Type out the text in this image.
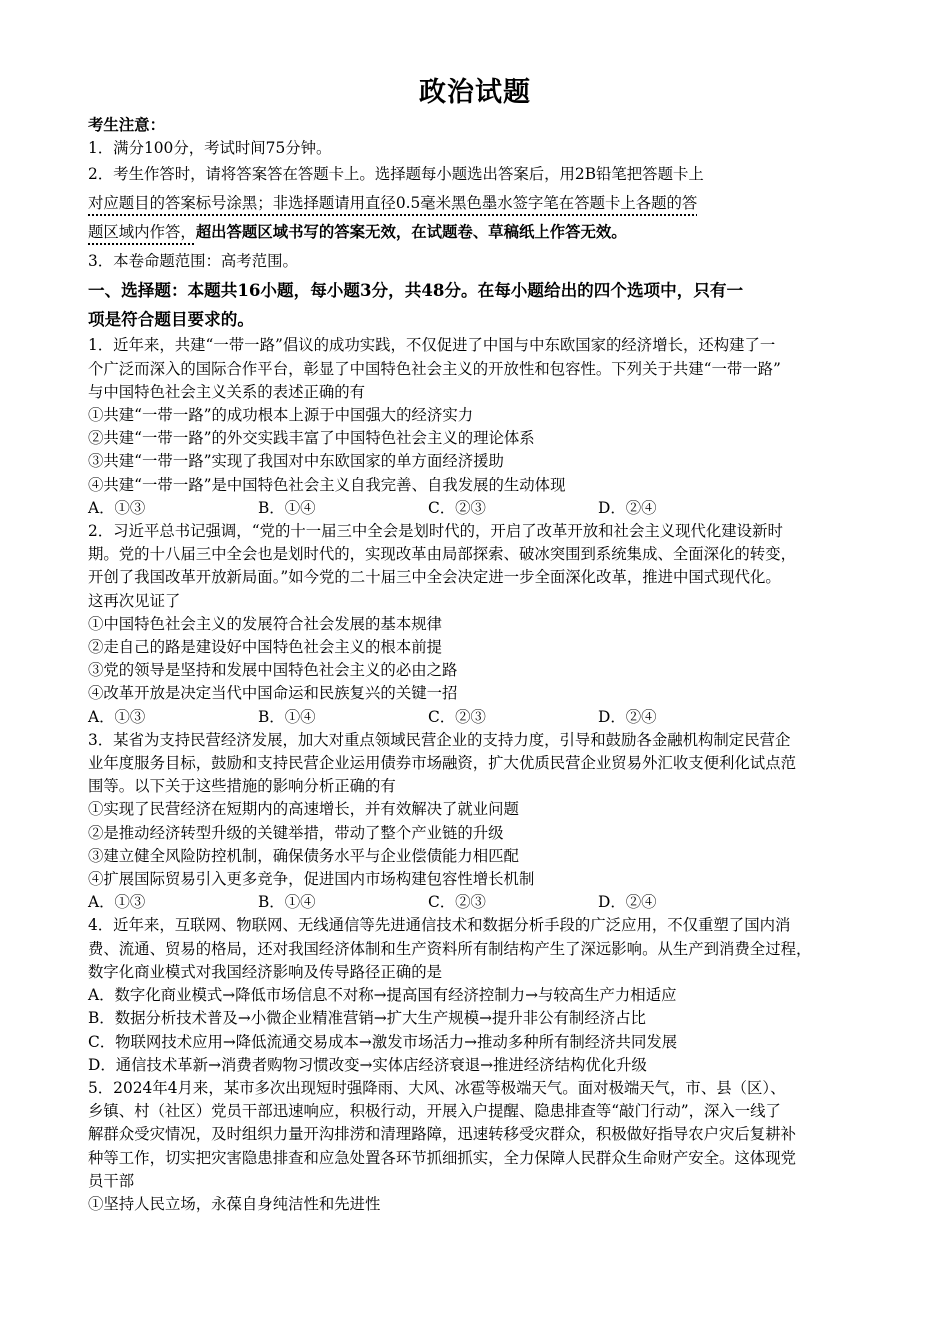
政治试题
考生注意：
1．满分100分，考试时间75分钟。
2．考生作答时，请将答案答在答题卡上。选择题每小题选出答案后，用2B铅笔把答题卡上
对应题目的答案标号涂黑；非选择题请用直径0.5毫米黑色墨水签字笔在答题卡上各题的答
题区域内作答，超出答题区域书写的答案无效，在试题卷、草稿纸上作答无效。
3．本卷命题范围：高考范围。
一、选择题：本题共16小题，每小题3分，共48分。在每小题给出的四个选项中，只有一
项是符合题目要求的。
1．近年来，共建“一带一路”倡议的成功实践，不仅促进了中国与中东欧国家的经济增长，还构建了一
个广泛而深入的国际合作平台，彰显了中国特色社会主义的开放性和包容性。下列关于共建“一带一路”
与中国特色社会主义关系的表述正确的有
①共建“一带一路”的成功根本上源于中国强大的经济实力
②共建“一带一路”的外交实践丰富了中国特色社会主义的理论体系
③共建“一带一路”实现了我国对中东欧国家的单方面经济援助
④共建“一带一路”是中国特色社会主义自我完善、自我发展的生动体现
A．①③	B．①④	C．②③	D．②④
2．习近平总书记强调，“党的十一届三中全会是划时代的，开启了改革开放和社会主义现代化建设新时
期。党的十八届三中全会也是划时代的，实现改革由局部探索、破冰突围到系统集成、全面深化的转变，
开创了我国改革开放新局面。”如今党的二十届三中全会决定进一步全面深化改革，推进中国式现代化。
这再次见证了
①中国特色社会主义的发展符合社会发展的基本规律
②走自己的路是建设好中国特色社会主义的根本前提
③党的领导是坚持和发展中国特色社会主义的必由之路
④改革开放是决定当代中国命运和民族复兴的关键一招
A．①③	B．①④	C．②③	D．②④
3．某省为支持民营经济发展，加大对重点领域民营企业的支持力度，引导和鼓励各金融机构制定民营企
业年度服务目标，鼓励和支持民营企业运用债券市场融资，扩大优质民营企业贸易外汇收支便利化试点范
围等。以下关于这些措施的影响分析正确的有
①实现了民营经济在短期内的高速增长，并有效解决了就业问题
②是推动经济转型升级的关键举措，带动了整个产业链的升级
③建立健全风险防控机制，确保债务水平与企业偿债能力相匹配
④扩展国际贸易引入更多竞争，促进国内市场构建包容性增长机制
A．①③	B．①④	C．②③	D．②④
4．近年来，互联网、物联网、无线通信等先进通信技术和数据分析手段的广泛应用，不仅重塑了国内消
费、流通、贸易的格局，还对我国经济体制和生产资料所有制结构产生了深远影响。从生产到消费全过程，
数字化商业模式对我国经济影响及传导路径正确的是
A．数字化商业模式→降低市场信息不对称→提高国有经济控制力→与较高生产力相适应
B．数据分析技术普及→小微企业精准营销→扩大生产规模→提升非公有制经济占比
C．物联网技术应用→降低流通交易成本→激发市场活力→推动多种所有制经济共同发展
D．通信技术革新→消费者购物习惯改变→实体店经济衰退→推进经济结构优化升级
5．2024年4月来，某市多次出现短时强降雨、大风、冰雹等极端天气。面对极端天气，市、县（区）、
乡镇、村（社区）党员干部迅速响应，积极行动，开展入户提醒、隐患排查等“敲门行动”，深入一线了
解群众受灾情况，及时组织力量开沟排涝和清理路障，迅速转移受灾群众，积极做好指导农户灾后复耕补
种等工作，切实把灾害隐患排查和应急处置各环节抓细抓实，全力保障人民群众生命财产安全。这体现党
员干部
①坚持人民立场，永葆自身纯洁性和先进性
